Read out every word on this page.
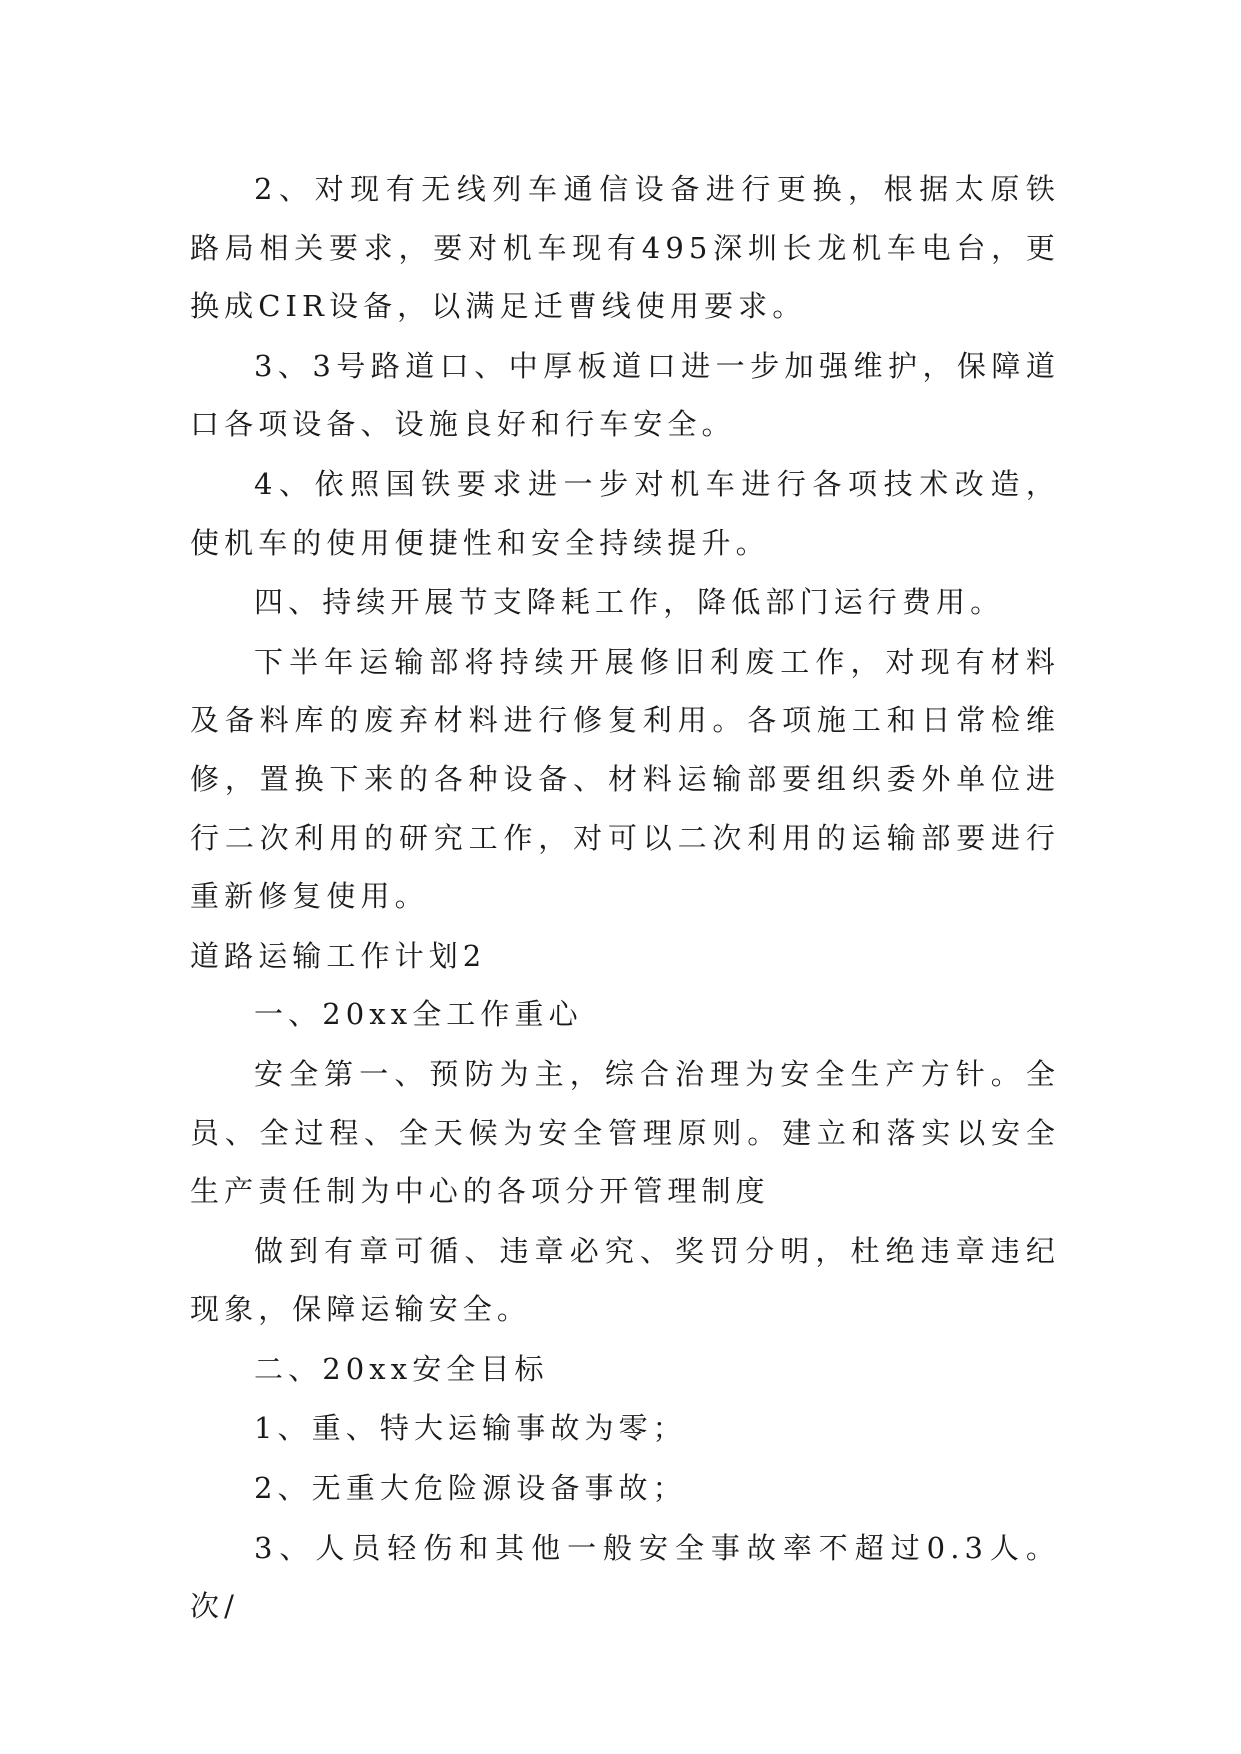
2、对现有无线列车通信设备进行更换，根据太原铁路局相关要求，要对机车现有495深圳长龙机车电台，更换成CIR设备，以满足迁曹线使用要求。

3、3号路道口、中厚板道口进一步加强维护，保障道口各项设备、设施良好和行车安全。

4、依照国铁要求进一步对机车进行各项技术改造，使机车的使用便捷性和安全持续提升。

四、持续开展节支降耗工作，降低部门运行费用。

下半年运输部将持续开展修旧利废工作，对现有材料及备料库的废弃材料进行修复利用。各项施工和日常检维修，置换下来的各种设备、材料运输部要组织委外单位进行二次利用的研究工作，对可以二次利用的运输部要进行重新修复使用。

道路运输工作计划2

一、20xx全工作重心

安全第一、预防为主，综合治理为安全生产方针。全员、全过程、全天候为安全管理原则。建立和落实以安全生产责任制为中心的各项分开管理制度

做到有章可循、违章必究、奖罚分明，杜绝违章违纪现象，保障运输安全。

二、20xx安全目标

1、重、特大运输事故为零；

2、无重大危险源设备事故；

3、人员轻伤和其他一般安全事故率不超过0.3人。次/
